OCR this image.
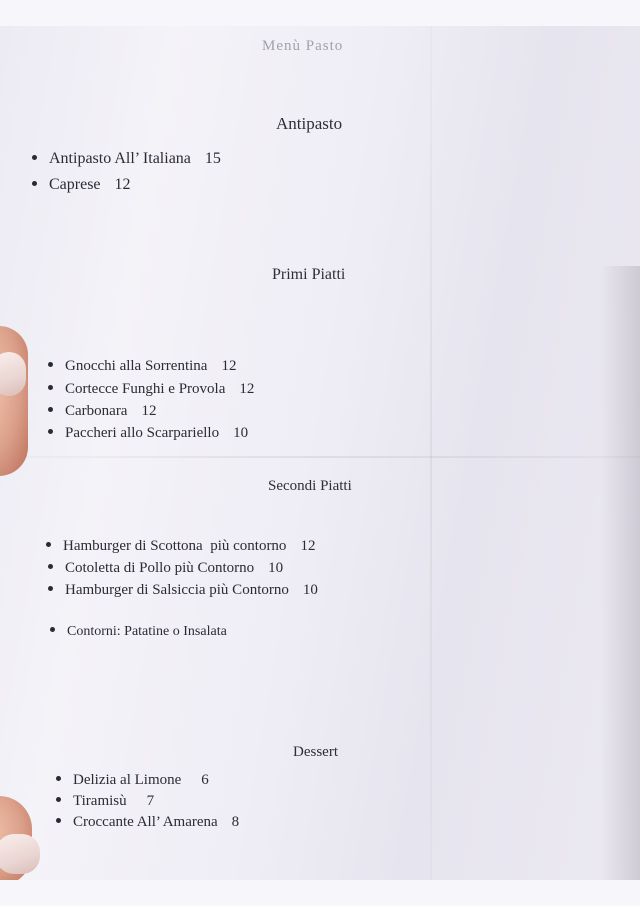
Menù Pasto
Antipasto
Antipasto All’ Italiana 15
Caprese 12
Primi Piatti
Gnocchi alla Sorrentina 12
Cortecce Funghi e Provola 12
Carbonara 12
Paccheri allo Scarpariello 10
Secondi Piatti
Hamburger di Scottona  più contorno 12
Cotoletta di Pollo più Contorno 10
Hamburger di Salsiccia più Contorno 10
Contorni: Patatine o Insalata
Dessert
Delizia al Limone 6
Tiramisù 7
Croccante All’ Amarena 8
